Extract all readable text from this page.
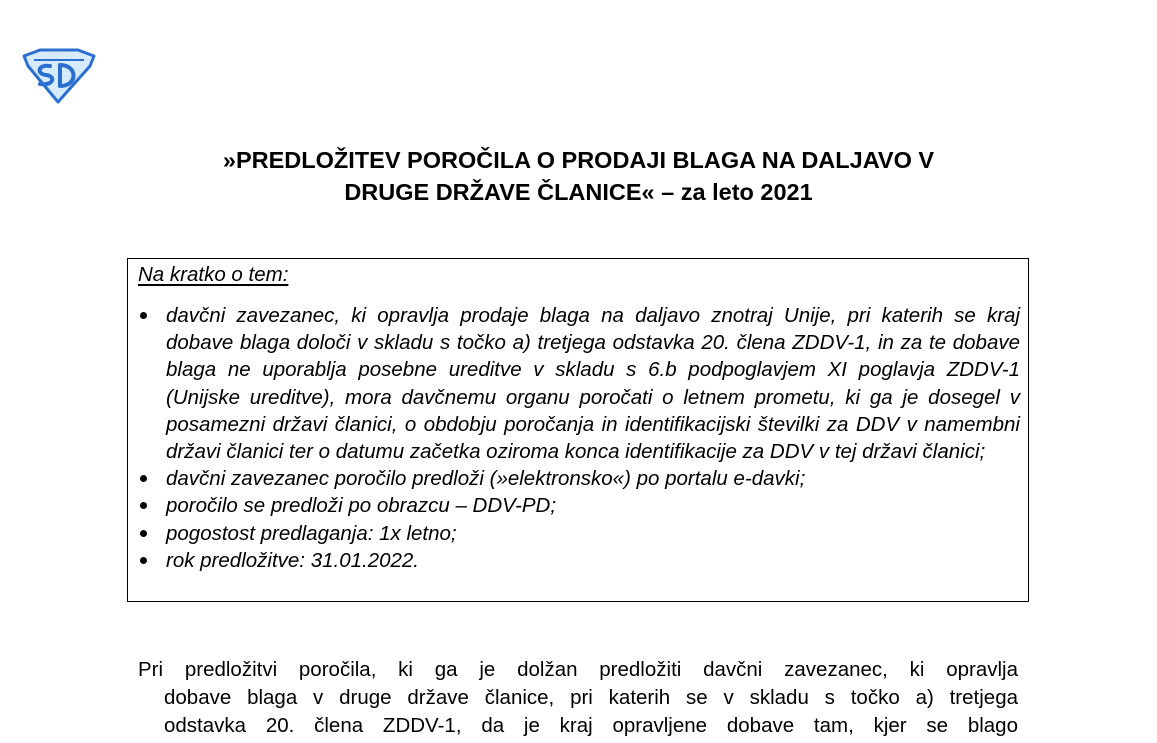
»PREDLOŽITEV POROČILA O PRODAJI BLAGA NA DALJAVO V
DRUGE DRŽAVE ČLANICE« – za leto 2021

Na kratko o tem:

davčni zavezanec, ki opravlja prodaje blaga na daljavo znotraj Unije, pri katerih se kraj dobave blaga določi v skladu s točko a) tretjega odstavka 20. člena ZDDV-1, in za te dobave blaga ne uporablja posebne ureditve v skladu s 6.b podpoglavjem XI poglavja ZDDV-1 (Unijske ureditve), mora davčnemu organu poročati o letnem prometu, ki ga je dosegel v posamezni državi članici, o obdobju poročanja in identifikacijski številki za DDV v namembni državi članici ter o datumu začetka oziroma konca identifikacije za DDV v tej državi članici;
davčni zavezanec poročilo predloži (»elektronsko«) po portalu e-davki;
poročilo se predloži po obrazcu – DDV-PD;
pogostost predlaganja: 1x letno;
rok predložitve: 31.01.2022.

Pri predložitvi poročila, ki ga je dolžan predložiti davčni zavezanec, ki opravlja
dobave blaga v druge države članice, pri katerih se v skladu s točko a) tretjega
odstavka 20. člena ZDDV-1, da je kraj opravljene dobave tam, kjer se blago
